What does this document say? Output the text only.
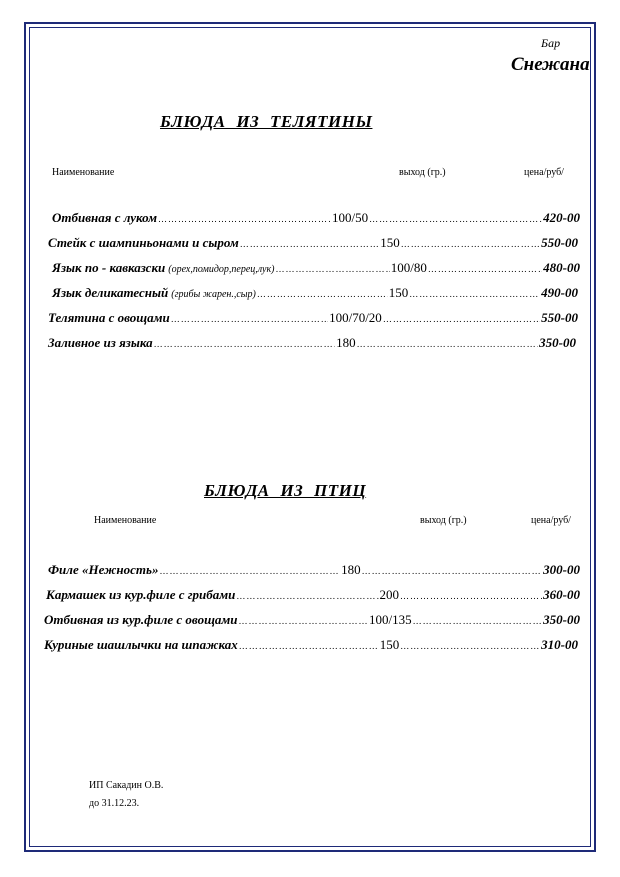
Бар
Снежана
БЛЮДА ИЗ ТЕЛЯТИНЫ
Наименование	выход (гр.)	цена/руб/
Отбивная с луком ……………………………………………………………………………………………………………	100/50 ……………………………………………………………………………………………………………	420-00
Стейк с шампиньонами и сыром ……………………………………………………………………………………………………………	150 ……………………………………………………………………………………………………………	550-00
Язык по - кавказски (орех,помидор,перец,лук) ……………………………………………………………………………………………………………	100/80 ……………………………………………………………………………………………………………	480-00
Язык деликатесный (грибы жарен.,сыр) ……………………………………………………………………………………………………………	150 ……………………………………………………………………………………………………………	490-00
Телятина с овощами ……………………………………………………………………………………………………………	100/70/20 ……………………………………………………………………………………………………………	550-00
Заливное из языка ……………………………………………………………………………………………………………	180 ……………………………………………………………………………………………………………	350-00
БЛЮДА ИЗ ПТИЦ
Наименование	выход (гр.)	цена/руб/
Филе «Нежность» ……………………………………………………………………………………………………………	180 ……………………………………………………………………………………………………………	300-00
Кармашек из кур.филе с грибами ……………………………………………………………………………………………………………	200 ……………………………………………………………………………………………………………	360-00
Отбивная из кур.филе с овощами ……………………………………………………………………………………………………………	100/135 ……………………………………………………………………………………………………………	350-00
Куриные шашлычки на шпажках ……………………………………………………………………………………………………………	150 ……………………………………………………………………………………………………………	310-00
ИП Сакадин О.В.
до 31.12.23.
